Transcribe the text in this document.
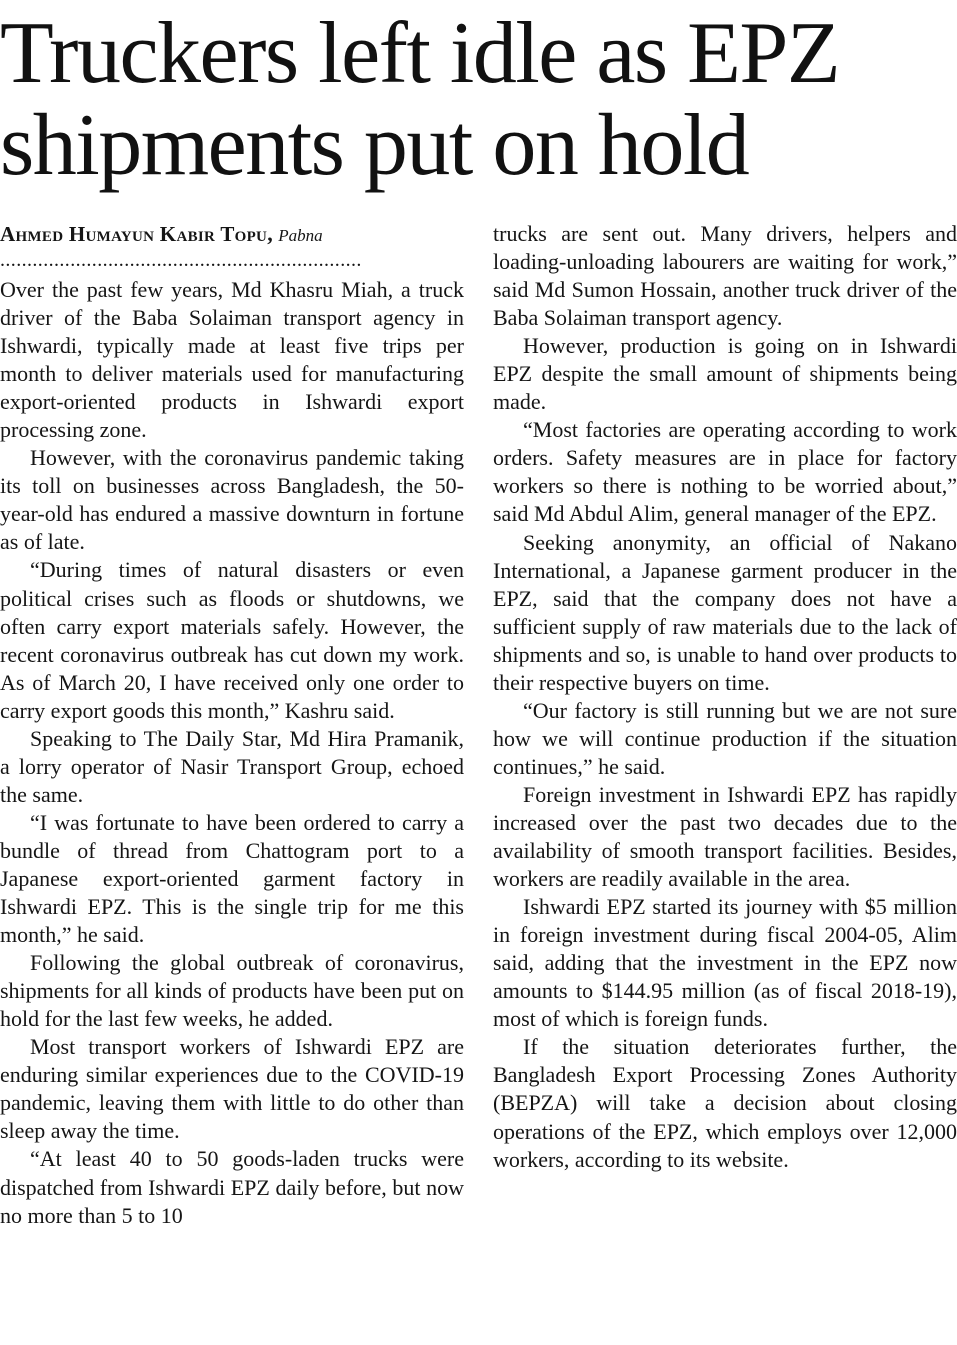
Truckers left idle as EPZ
shipments put on hold
Ahmed Humayun Kabir Topu, Pabna
...................................................................

Over the past few years, Md Khasru Miah, a truck driver of the Baba Solaiman transport agency in Ishwardi, typically made at least five trips per month to deliver materials used for manufacturing export-oriented products in Ishwardi export processing zone.

However, with the coronavirus pandemic taking its toll on businesses across Bangladesh, the 50-year-old has endured a massive downturn in fortune as of late.

“During times of natural disasters or even political crises such as floods or shutdowns, we often carry export materials safely. However, the recent coronavirus outbreak has cut down my work. As of March 20, I have received only one order to carry export goods this month,” Kashru said.

Speaking to The Daily Star, Md Hira Pramanik, a lorry operator of Nasir Transport Group, echoed the same.

“I was fortunate to have been ordered to carry a bundle of thread from Chattogram port to a Japanese export-oriented garment factory in Ishwardi EPZ. This is the single trip for me this month,” he said.

Following the global outbreak of coronavirus, shipments for all kinds of products have been put on hold for the last few weeks, he added.

Most transport workers of Ishwardi EPZ are enduring similar experiences due to the COVID-19 pandemic, leaving them with little to do other than sleep away the time.

“At least 40 to 50 goods-laden trucks were dispatched from Ishwardi EPZ daily before, but now no more than 5 to 10

trucks are sent out. Many drivers, helpers and loading-unloading labourers are waiting for work,” said Md Sumon Hossain, another truck driver of the Baba Solaiman transport agency.

However, production is going on in Ishwardi EPZ despite the small amount of shipments being made.

“Most factories are operating according to work orders. Safety measures are in place for factory workers so there is nothing to be worried about,” said Md Abdul Alim, general manager of the EPZ.

Seeking anonymity, an official of Nakano International, a Japanese garment producer in the EPZ, said that the company does not have a sufficient supply of raw materials due to the lack of shipments and so, is unable to hand over products to their respective buyers on time.

“Our factory is still running but we are not sure how we will continue production if the situation continues,” he said.

Foreign investment in Ishwardi EPZ has rapidly increased over the past two decades due to the availability of smooth transport facilities. Besides, workers are readily available in the area.

Ishwardi EPZ started its journey with $5 million in foreign investment during fiscal 2004-05, Alim said, adding that the investment in the EPZ now amounts to $144.95 million (as of fiscal 2018-19), most of which is foreign funds.

If the situation deteriorates further, the Bangladesh Export Processing Zones Authority (BEPZA) will take a decision about closing operations of the EPZ, which employs over 12,000 workers, according to its website.
